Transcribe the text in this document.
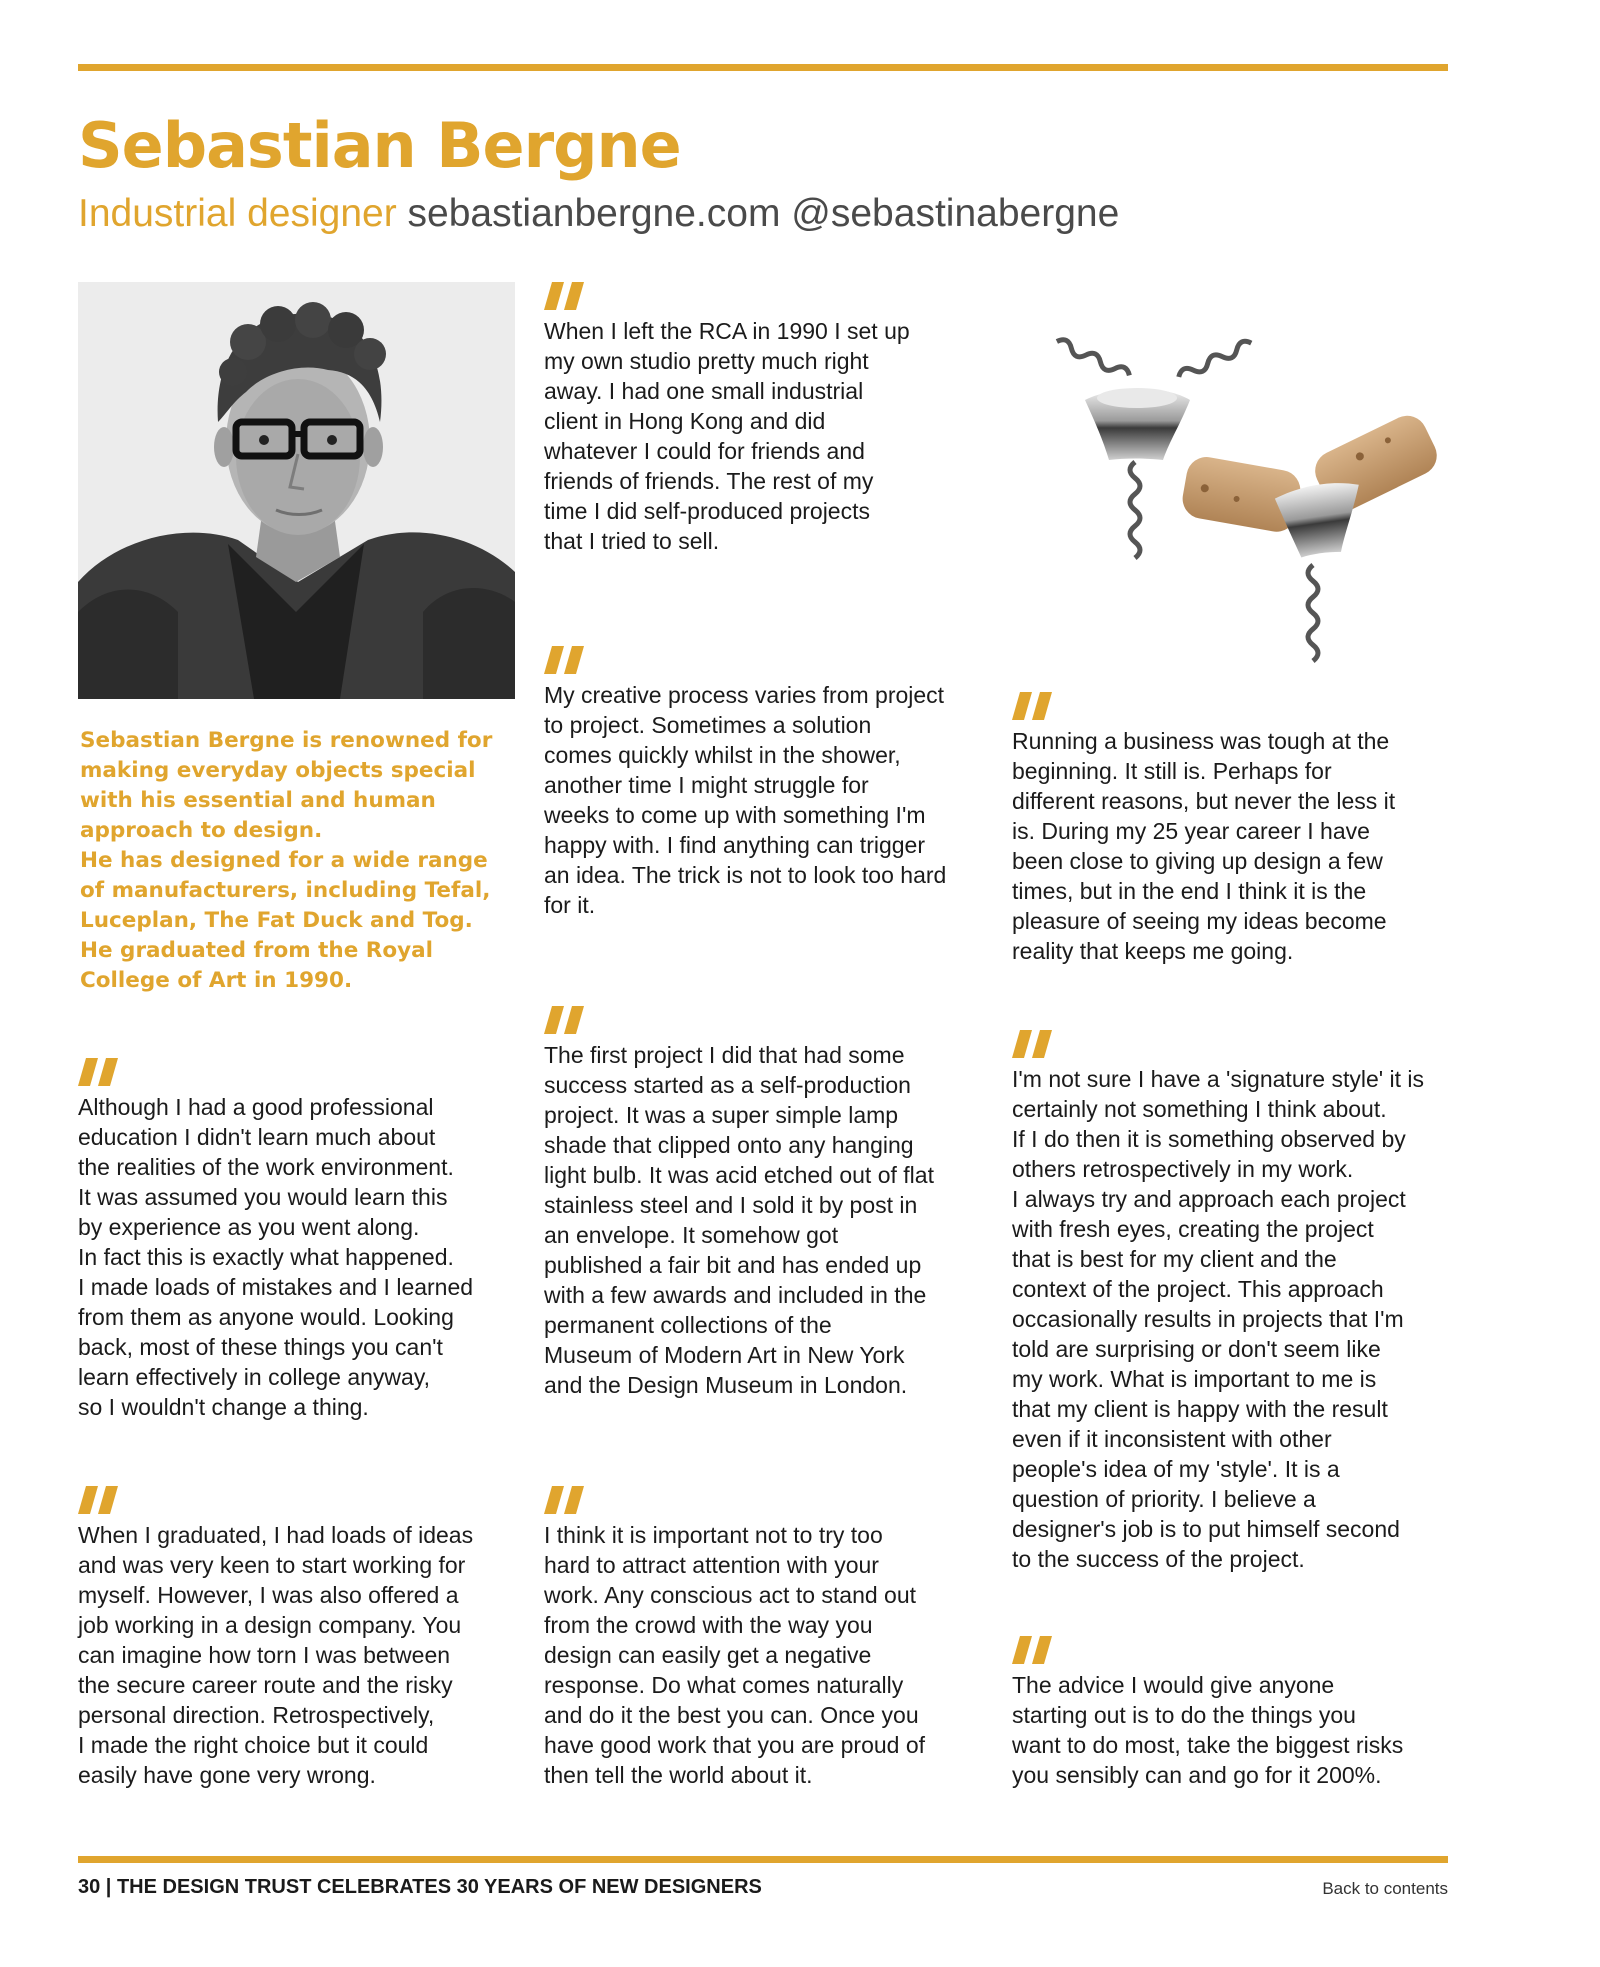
Sebastian Bergne

Industrial designer sebastianbergne.com @sebastinabergne

Sebastian Bergne is renowned for making everyday objects special with his essential and human approach to design.
He has designed for a wide range of manufacturers, including Tefal, Luceplan, The Fat Duck and Tog.
He graduated from the Royal College of Art in 1990.

When I left the RCA in 1990 I set up
my own studio pretty much right
away. I had one small industrial
client in Hong Kong and did
whatever I could for friends and
friends of friends. The rest of my
time I did self-produced projects
that I tried to sell.

My creative process varies from project
to project. Sometimes a solution
comes quickly whilst in the shower,
another time I might struggle for
weeks to come up with something I'm
happy with. I find anything can trigger
an idea. The trick is not to look too hard
for it.

Running a business was tough at the
beginning. It still is. Perhaps for
different reasons, but never the less it
is. During my 25 year career I have
been close to giving up design a few
times, but in the end I think it is the
pleasure of seeing my ideas become
reality that keeps me going.

Although I had a good professional
education I didn't learn much about
the realities of the work environment.
It was assumed you would learn this
by experience as you went along.
In fact this is exactly what happened.
I made loads of mistakes and I learned
from them as anyone would. Looking
back, most of these things you can't
learn effectively in college anyway,
so I wouldn't change a thing.

The first project I did that had some
success started as a self-production
project. It was a super simple lamp
shade that clipped onto any hanging
light bulb. It was acid etched out of flat
stainless steel and I sold it by post in
an envelope. It somehow got
published a fair bit and has ended up
with a few awards and included in the
permanent collections of the
Museum of Modern Art in New York
and the Design Museum in London.

I'm not sure I have a 'signature style' it is
certainly not something I think about.
If I do then it is something observed by
others retrospectively in my work.
I always try and approach each project
with fresh eyes, creating the project
that is best for my client and the
context of the project. This approach
occasionally results in projects that I'm
told are surprising or don't seem like
my work. What is important to me is
that my client is happy with the result
even if it inconsistent with other
people's idea of my 'style'. It is a
question of priority. I believe a
designer's job is to put himself second
to the success of the project.

When I graduated, I had loads of ideas
and was very keen to start working for
myself. However, I was also offered a
job working in a design company. You
can imagine how torn I was between
the secure career route and the risky
personal direction. Retrospectively,
I made the right choice but it could
easily have gone very wrong.

I think it is important not to try too
hard to attract attention with your
work. Any conscious act to stand out
from the crowd with the way you
design can easily get a negative
response. Do what comes naturally
and do it the best you can. Once you
have good work that you are proud of
then tell the world about it.

The advice I would give anyone
starting out is to do the things you
want to do most, take the biggest risks
you sensibly can and go for it 200%.

30 | THE DESIGN TRUST CELEBRATES 30 YEARS OF NEW DESIGNERS	Back to contents
